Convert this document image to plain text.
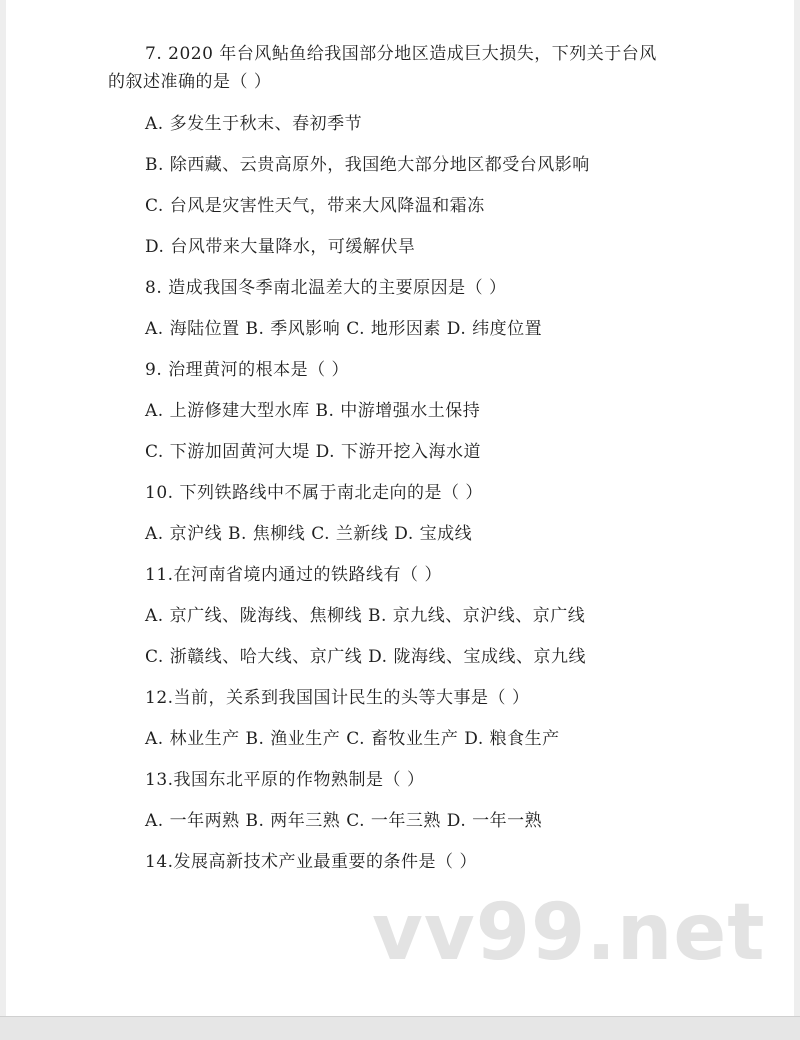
7. 2020 年台风鲇鱼给我国部分地区造成巨大损失，下列关于台风
的叙述准确的是（ ）
A. 多发生于秋末、春初季节
B. 除西藏、云贵高原外，我国绝大部分地区都受台风影响
C. 台风是灾害性天气，带来大风降温和霜冻
D. 台风带来大量降水，可缓解伏旱
8. 造成我国冬季南北温差大的主要原因是（ ）
A. 海陆位置 B. 季风影响 C. 地形因素 D. 纬度位置
9. 治理黄河的根本是（ ）
A. 上游修建大型水库 B. 中游增强水土保持
C. 下游加固黄河大堤 D. 下游开挖入海水道
10. 下列铁路线中不属于南北走向的是（ ）
A. 京沪线 B. 焦柳线 C. 兰新线 D. 宝成线
11.在河南省境内通过的铁路线有（ ）
A. 京广线、陇海线、焦柳线 B. 京九线、京沪线、京广线
C. 浙赣线、哈大线、京广线 D. 陇海线、宝成线、京九线
12.当前，关系到我国国计民生的头等大事是（ ）
A. 林业生产 B. 渔业生产 C. 畜牧业生产 D. 粮食生产
13.我国东北平原的作物熟制是（ ）
A. 一年两熟 B. 两年三熟 C. 一年三熟 D. 一年一熟
14.发展高新技术产业最重要的条件是（ ）
vv99.net
